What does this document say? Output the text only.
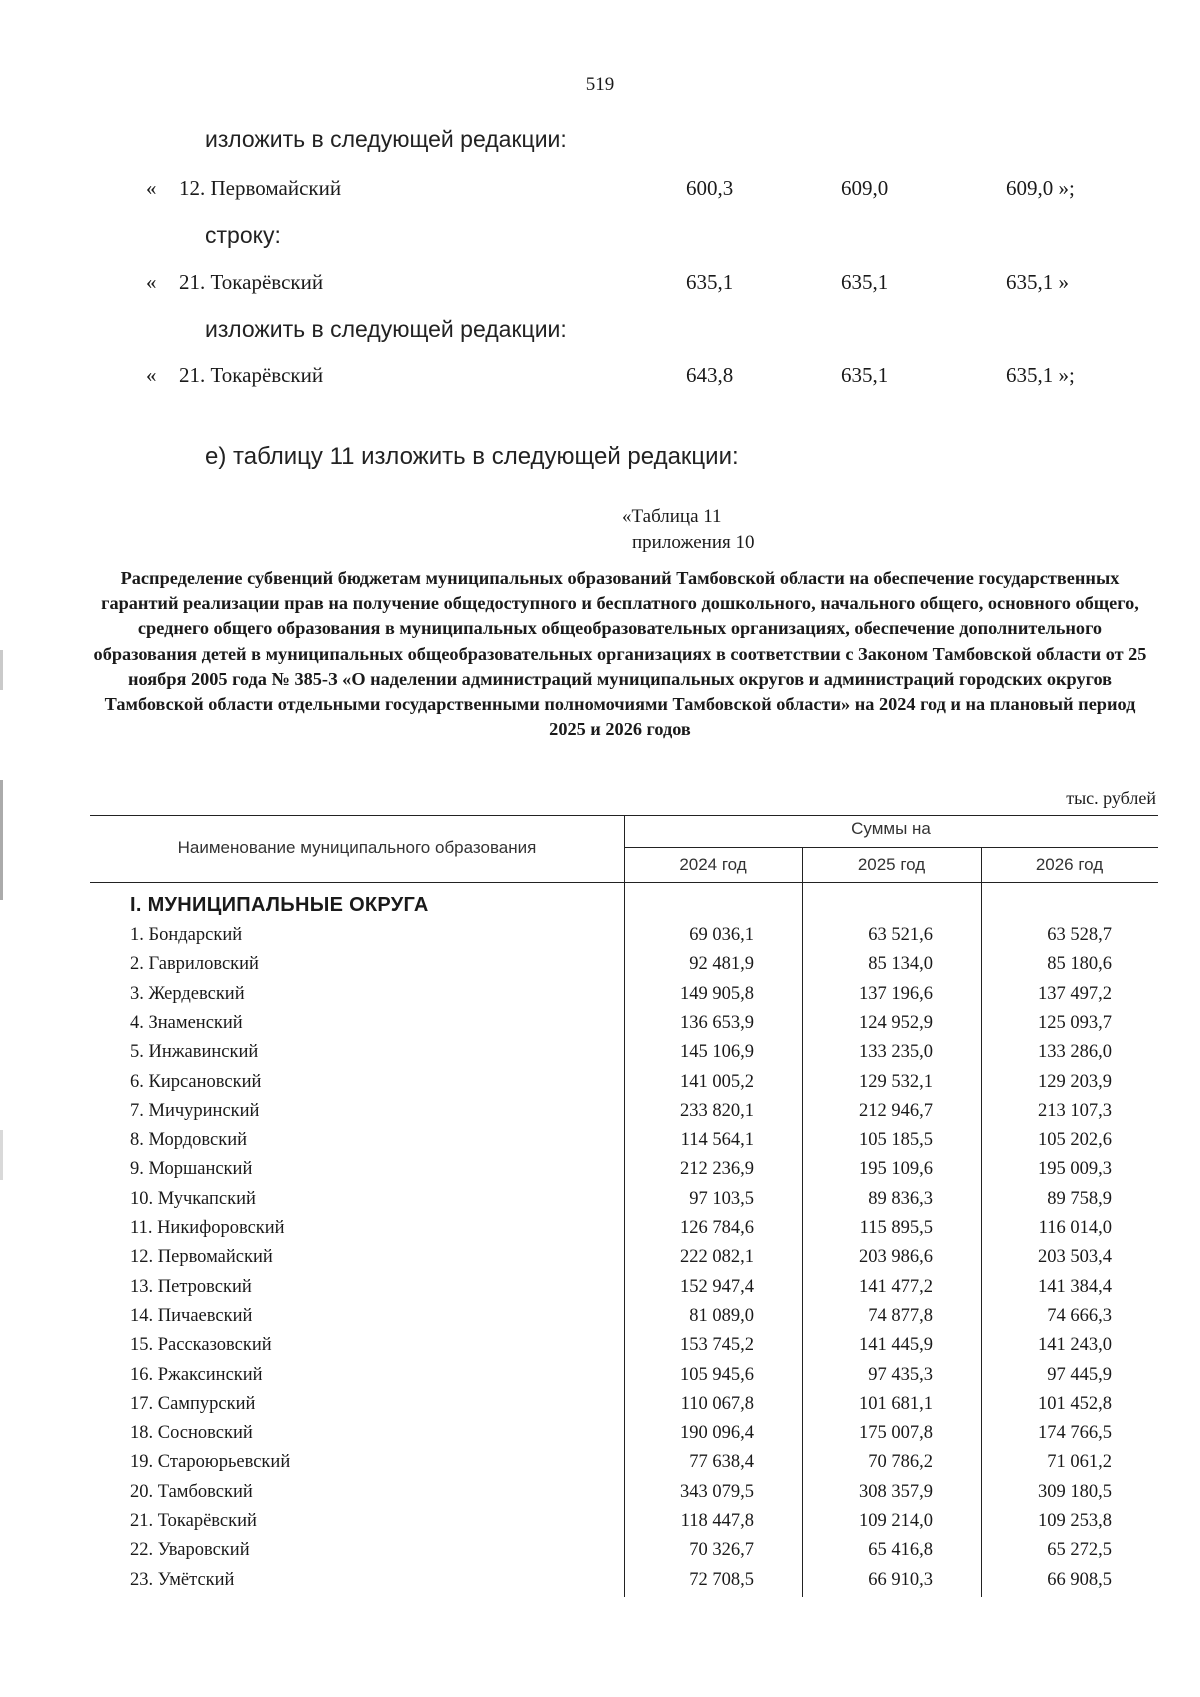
519
изложить в следующей редакции:
« 12. Первомайский	600,3	609,0	609,0 »;
строку:
« 21. Токарёвский	635,1	635,1	635,1 »
изложить в следующей редакции:
« 21. Токарёвский	643,8	635,1	635,1 »;
е) таблицу 11 изложить в следующей редакции:
«Таблица 11
приложения 10
Распределение субвенций бюджетам муниципальных образований Тамбовской области на обеспечение государственных гарантий реализации прав на получение общедоступного и бесплатного дошкольного, начального общего, основного общего, среднего общего образования в муниципальных общеобразовательных организациях, обеспечение дополнительного образования детей в муниципальных общеобразовательных организациях в соответствии с Законом Тамбовской области от 25 ноября 2005 года № 385-З «О наделении администраций муниципальных округов и администраций городских округов Тамбовской области отдельными государственными полномочиями Тамбовской области» на 2024 год и на плановый период 2025 и 2026 годов
тыс. рублей
Наименование муниципального образования
Суммы на
2024 год	2025 год	2026 год
I. МУНИЦИПАЛЬНЫЕ ОКРУГА
1. Бондарский	69 036,1	63 521,6	63 528,7
2. Гавриловский	92 481,9	85 134,0	85 180,6
3. Жердевский	149 905,8	137 196,6	137 497,2
4. Знаменский	136 653,9	124 952,9	125 093,7
5. Инжавинский	145 106,9	133 235,0	133 286,0
6. Кирсановский	141 005,2	129 532,1	129 203,9
7. Мичуринский	233 820,1	212 946,7	213 107,3
8. Мордовский	114 564,1	105 185,5	105 202,6
9. Моршанский	212 236,9	195 109,6	195 009,3
10. Мучкапский	97 103,5	89 836,3	89 758,9
11. Никифоровский	126 784,6	115 895,5	116 014,0
12. Первомайский	222 082,1	203 986,6	203 503,4
13. Петровский	152 947,4	141 477,2	141 384,4
14. Пичаевский	81 089,0	74 877,8	74 666,3
15. Рассказовский	153 745,2	141 445,9	141 243,0
16. Ржаксинский	105 945,6	97 435,3	97 445,9
17. Сампурский	110 067,8	101 681,1	101 452,8
18. Сосновский	190 096,4	175 007,8	174 766,5
19. Староюрьевский	77 638,4	70 786,2	71 061,2
20. Тамбовский	343 079,5	308 357,9	309 180,5
21. Токарёвский	118 447,8	109 214,0	109 253,8
22. Уваровский	70 326,7	65 416,8	65 272,5
23. Умётский	72 708,5	66 910,3	66 908,5
